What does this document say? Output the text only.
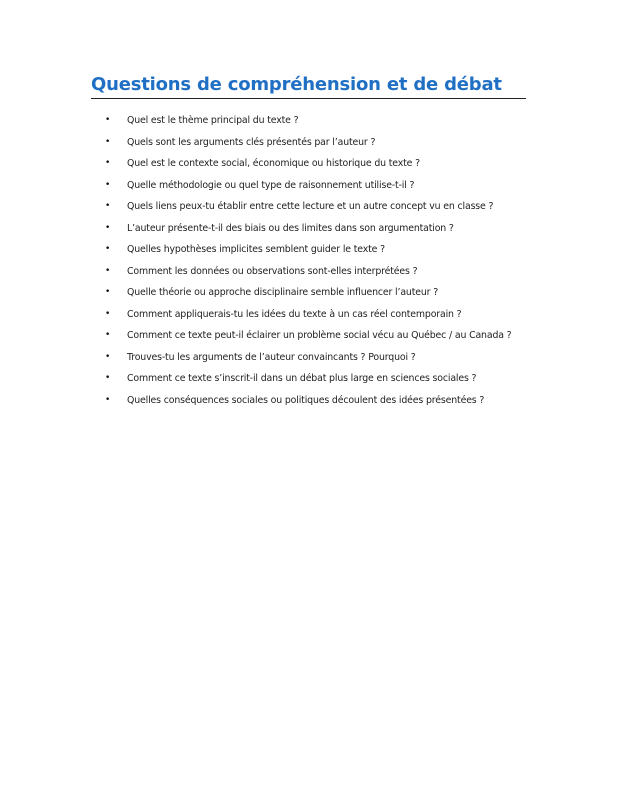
Questions de compréhension et de débat
• Quel est le thème principal du texte ?
• Quels sont les arguments clés présentés par l’auteur ?
• Quel est le contexte social, économique ou historique du texte ?
• Quelle méthodologie ou quel type de raisonnement utilise-t-il ?
• Quels liens peux-tu établir entre cette lecture et un autre concept vu en classe ?
• L’auteur présente-t-il des biais ou des limites dans son argumentation ?
• Quelles hypothèses implicites semblent guider le texte ?
• Comment les données ou observations sont-elles interprétées ?
• Quelle théorie ou approche disciplinaire semble influencer l’auteur ?
• Comment appliquerais-tu les idées du texte à un cas réel contemporain ?
• Comment ce texte peut-il éclairer un problème social vécu au Québec / au Canada ?
• Trouves-tu les arguments de l’auteur convaincants ? Pourquoi ?
• Comment ce texte s’inscrit-il dans un débat plus large en sciences sociales ?
• Quelles conséquences sociales ou politiques découlent des idées présentées ?
